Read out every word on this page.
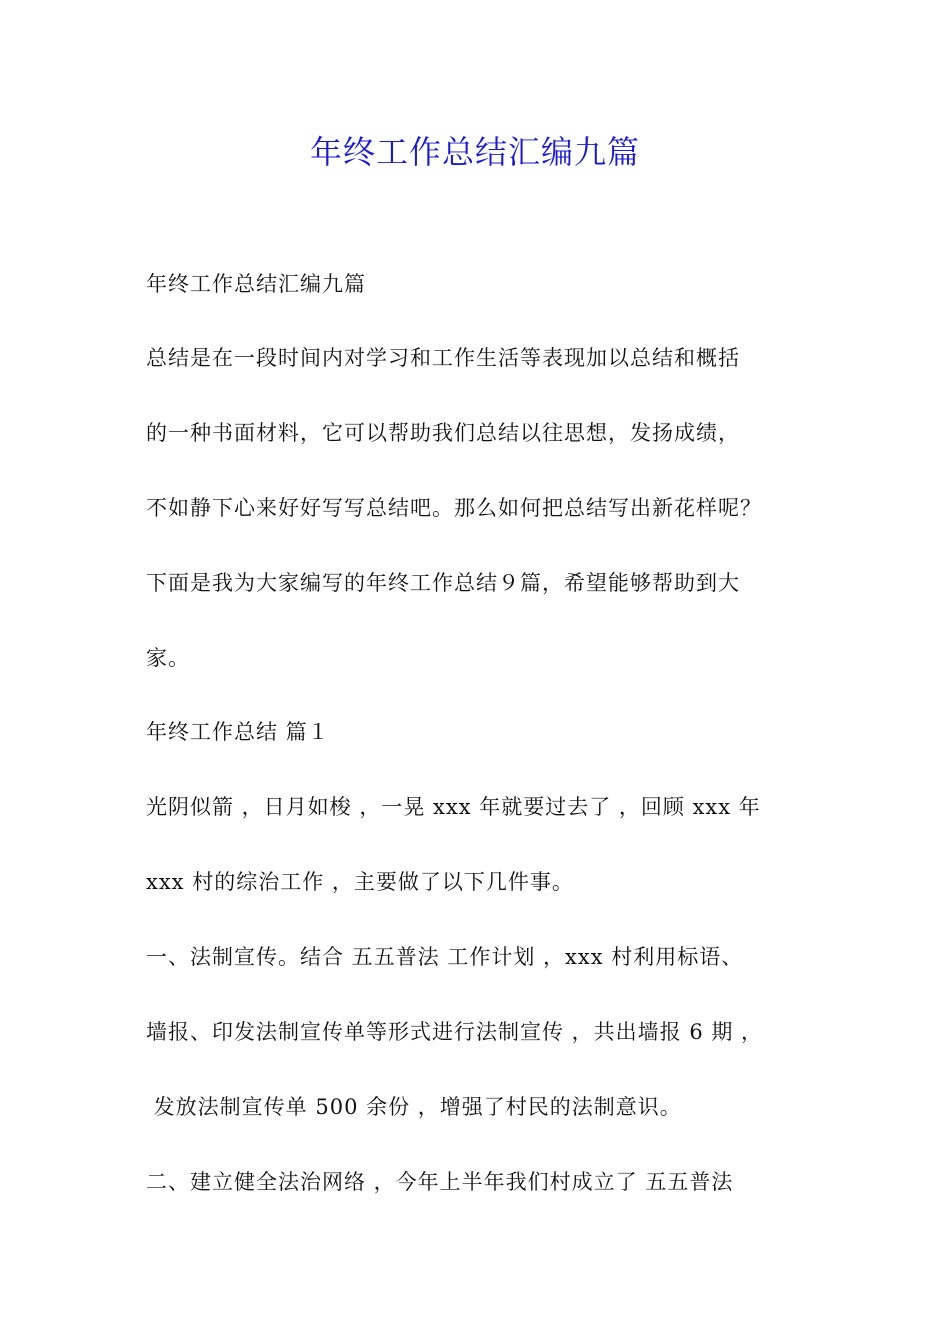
年终工作总结汇编九篇
年终工作总结汇编九篇
总结是在一段时间内对学习和工作生活等表现加以总结和概括
的一种书面材料，它可以帮助我们总结以往思想，发扬成绩，
不如静下心来好好写写总结吧。那么如何把总结写出新花样呢？
下面是我为大家编写的年终工作总结９篇，希望能够帮助到大
家。
年终工作总结 篇１
光阴似箭 ，日月如梭 ，一晃 xxx 年就要过去了 ，回顾 xxx 年
xxx 村的综治工作 ，主要做了以下几件事。
一、法制宣传。结合 五五普法 工作计划 ，xxx 村利用标语、
墙报、印发法制宣传单等形式进行法制宣传 ，共出墙报 6 期 ，
发放法制宣传单 500 余份 ，增强了村民的法制意识。
二、建立健全法治网络 ，今年上半年我们村成立了 五五普法
